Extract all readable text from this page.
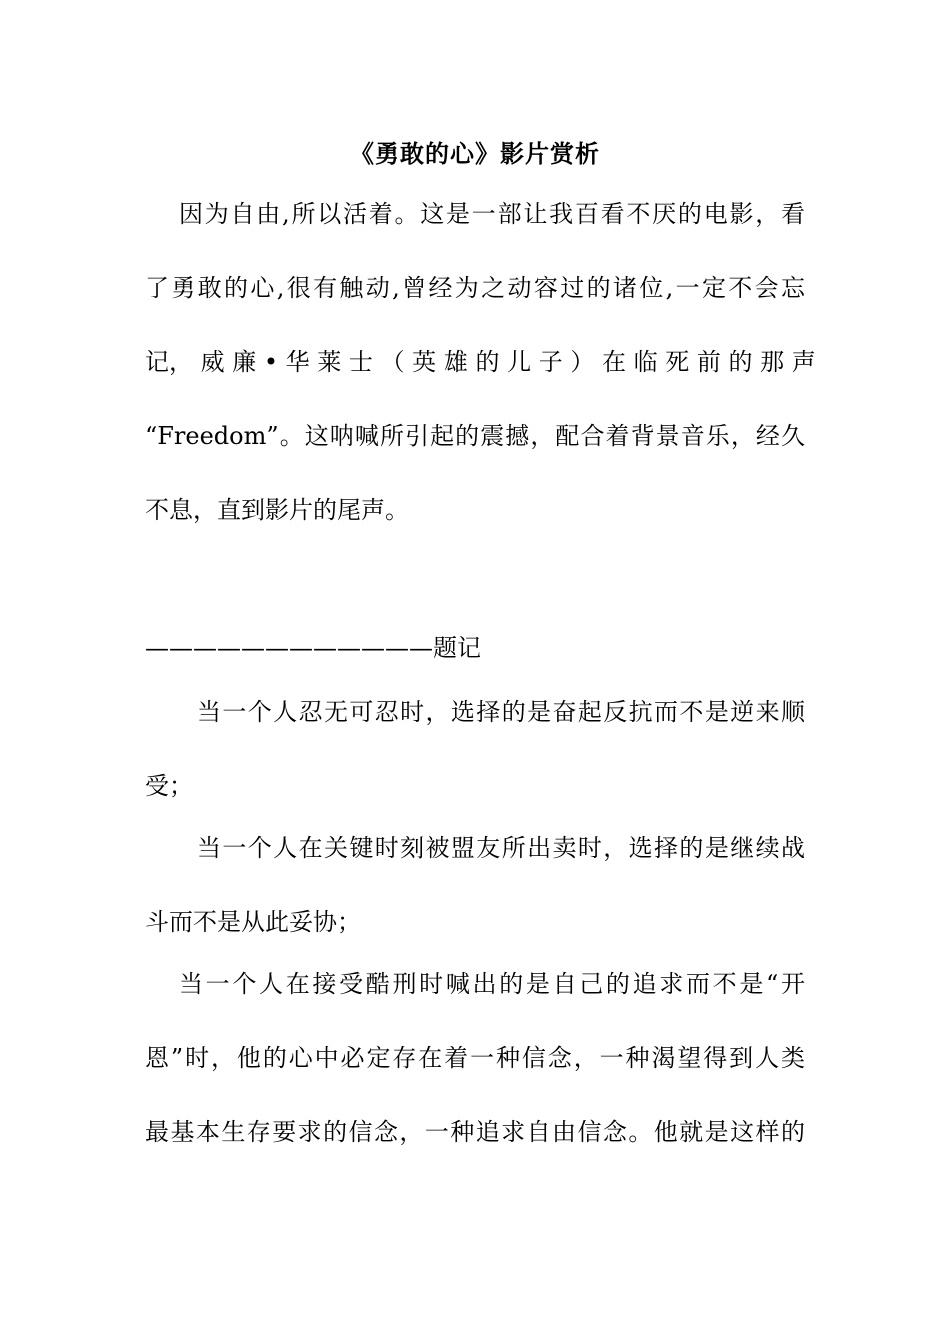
《勇敢的心》影片赏析
因为自由,所以活着。这是一部让我百看不厌的电影，看
了勇敢的心,很有触动,曾经为之动容过的诸位,一定不会忘
记， 威 廉 • 华 莱 士 （ 英 雄 的 儿 子 ） 在 临 死 前 的 那 声
“Freedom”。这呐喊所引起的震撼，配合着背景音乐，经久
不息，直到影片的尾声。
————————————题记
当一个人忍无可忍时，选择的是奋起反抗而不是逆来顺
受；
当一个人在关键时刻被盟友所出卖时，选择的是继续战
斗而不是从此妥协；
当一个人在接受酷刑时喊出的是自己的追求而不是“开
恩”时，他的心中必定存在着一种信念，一种渴望得到人类
最基本生存要求的信念，一种追求自由信念。他就是这样的
